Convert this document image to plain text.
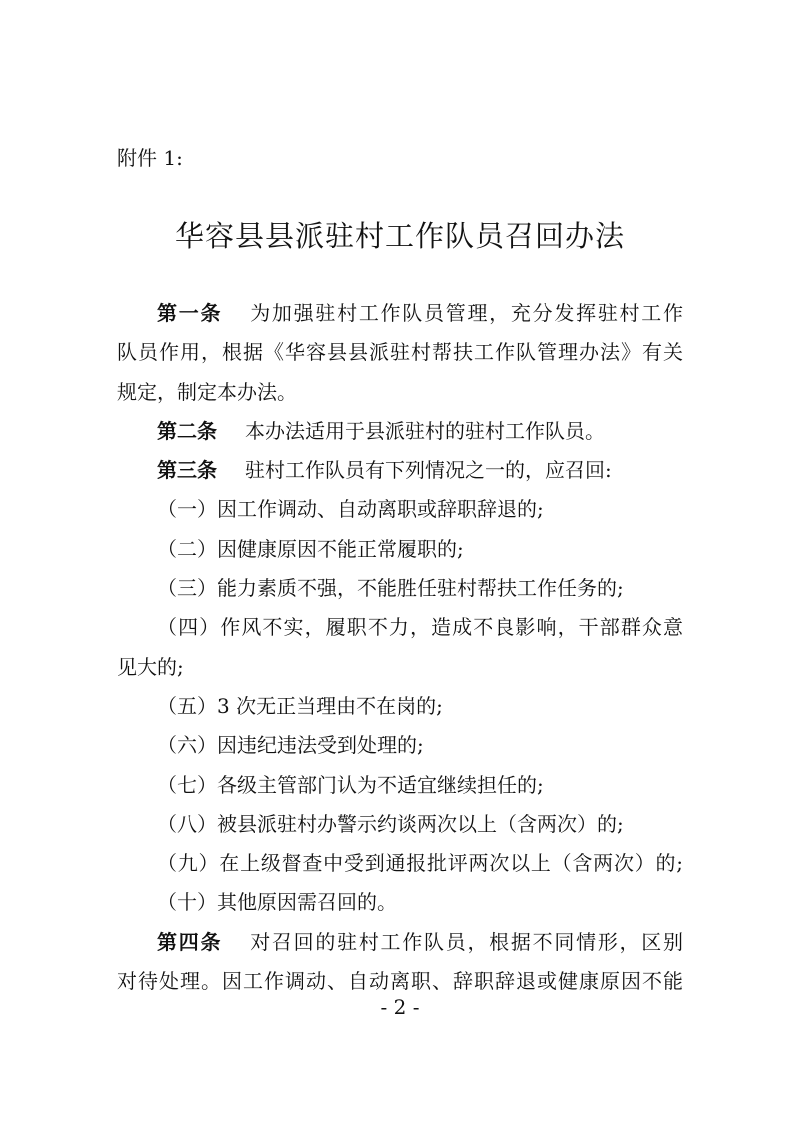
附件 1:
华容县县派驻村工作队员召回办法
第一条 为加强驻村工作队员管理，充分发挥驻村工作
队员作用，根据《华容县县派驻村帮扶工作队管理办法》有关
规定，制定本办法。
第二条 本办法适用于县派驻村的驻村工作队员。
第三条 驻村工作队员有下列情况之一的，应召回:
（一）因工作调动、自动离职或辞职辞退的;
（二）因健康原因不能正常履职的;
（三）能力素质不强，不能胜任驻村帮扶工作任务的;
（四）作风不实，履职不力，造成不良影响，干部群众意
见大的;
（五）3 次无正当理由不在岗的;
（六）因违纪违法受到处理的;
（七）各级主管部门认为不适宜继续担任的;
（八）被县派驻村办警示约谈两次以上（含两次）的;
（九）在上级督查中受到通报批评两次以上（含两次）的;
（十）其他原因需召回的。
第四条 对召回的驻村工作队员，根据不同情形，区别
对待处理。因工作调动、自动离职、辞职辞退或健康原因不能
- 2 -
